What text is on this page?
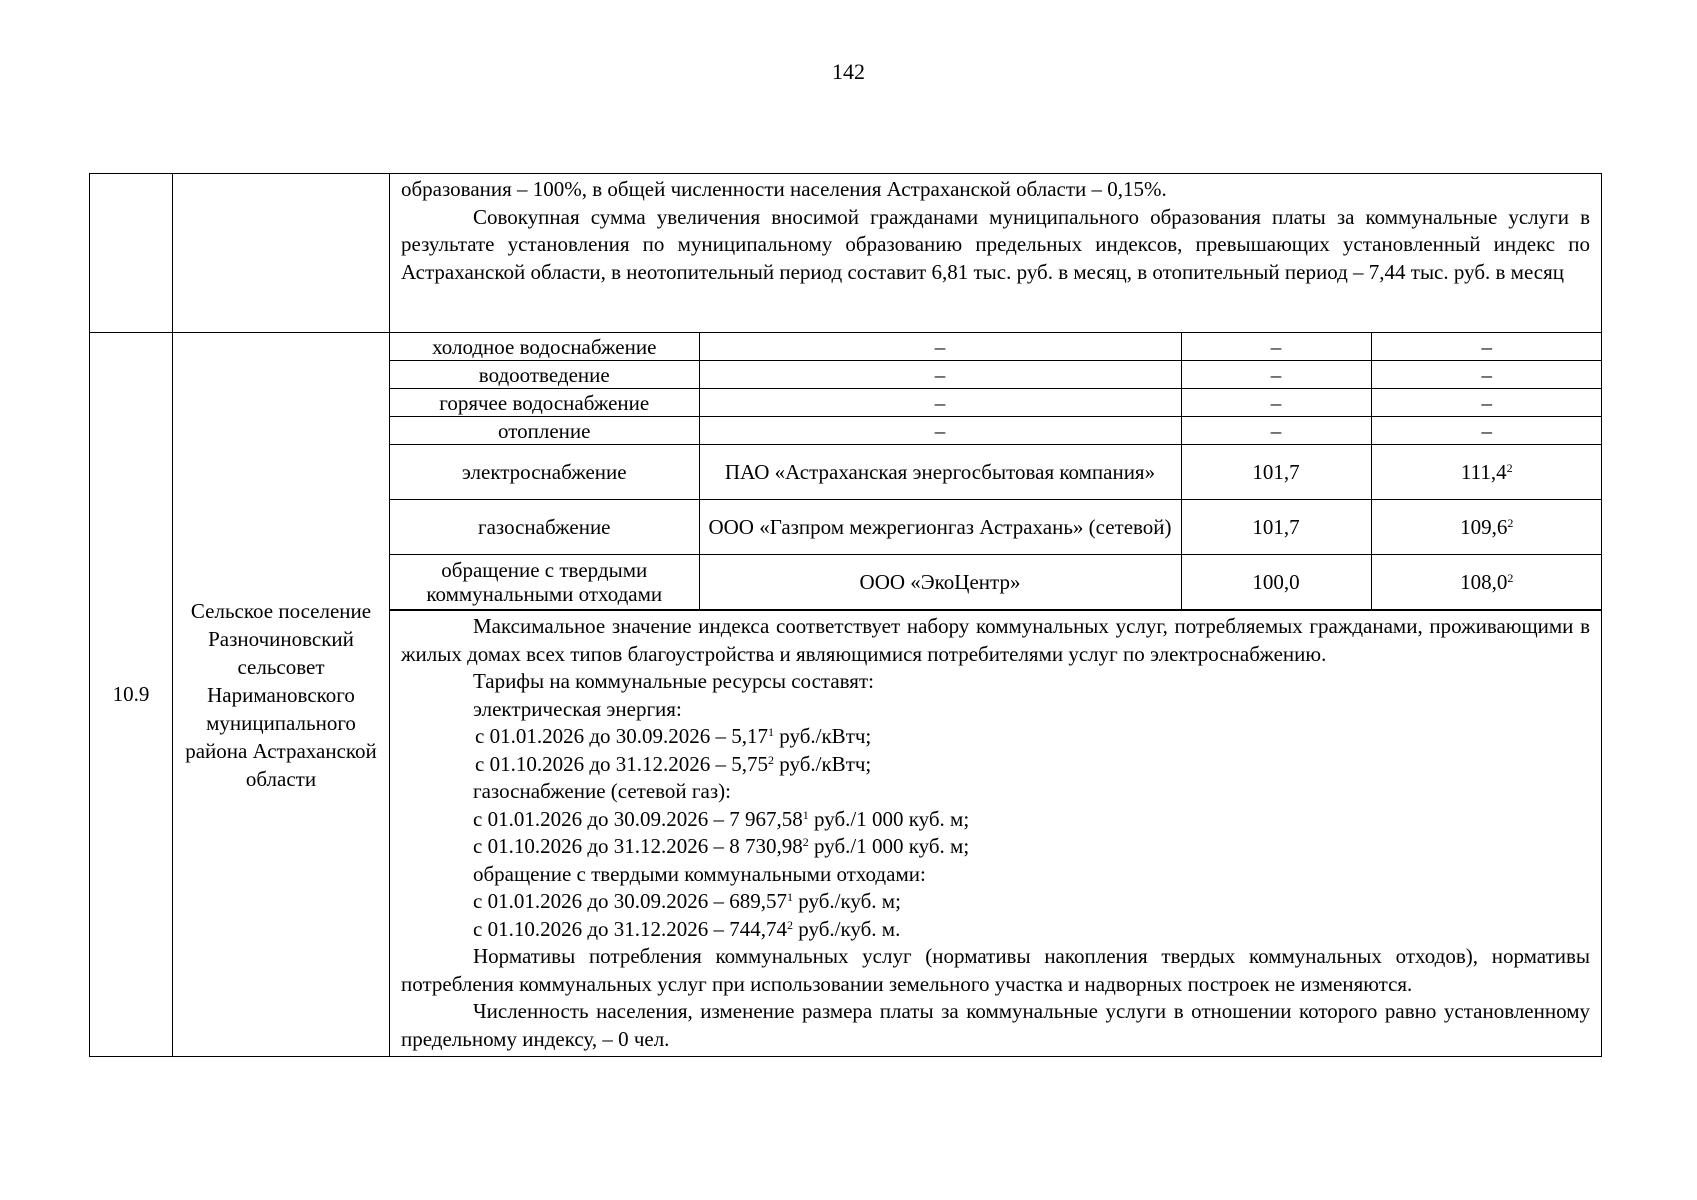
142

образования – 100%, в общей численности населения Астраханской области – 0,15%.

Совокупная сумма увеличения вносимой гражданами муниципального образования платы за коммунальные услуги в результате установления по муниципальному образованию предельных индексов, превышающих установленный индекс по Астраханской области, в неотопительный период составит 6,81 тыс. руб. в месяц, в отопительный период – 7,44 тыс. руб. в месяц

10.9	Сельское поселение Разночиновский сельсовет Наримановского муниципального района Астраханской области	
холодное водоснабжение	–	–	–
водоотведение	–	–	–
горячее водоснабжение	–	–	–
отопление	–	–	–
электроснабжение	ПАО «Астраханская энергосбытовая компания»	101,7	111,4$^2$
газоснабжение	ООО «Газпром межрегионгаз Астрахань» (сетевой)	101,7	109,6$^2$
обращение с твердыми коммунальными отходами	ООО «ЭкоЦентр»	100,0	108,0$^2$

Максимальное значение индекса соответствует набору коммунальных услуг, потребляемых гражданами, проживающими в жилых домах всех типов благоустройства и являющимися потребителями услуг по электроснабжению.

Тарифы на коммунальные ресурсы составят:

электрическая энергия:

с 01.01.2026 до 30.09.2026 – 5,17$^1$ руб./кВтч;

с 01.10.2026 до 31.12.2026 – 5,75$^2$ руб./кВтч;

газоснабжение (сетевой газ):

с 01.01.2026 до 30.09.2026 – 7 967,58$^1$ руб./1 000 куб. м;

с 01.10.2026 до 31.12.2026 – 8 730,98$^2$ руб./1 000 куб. м;

обращение с твердыми коммунальными отходами:

с 01.01.2026 до 30.09.2026 – 689,57$^1$ руб./куб. м;

с 01.10.2026 до 31.12.2026 – 744,74$^2$ руб./куб. м.

Нормативы потребления коммунальных услуг (нормативы накопления твердых коммунальных отходов), нормативы потребления коммунальных услуг при использовании земельного участка и надворных построек не изменяются.

Численность населения, изменение размера платы за коммунальные услуги в отношении которого равно установленному предельному индексу, – 0 чел.
